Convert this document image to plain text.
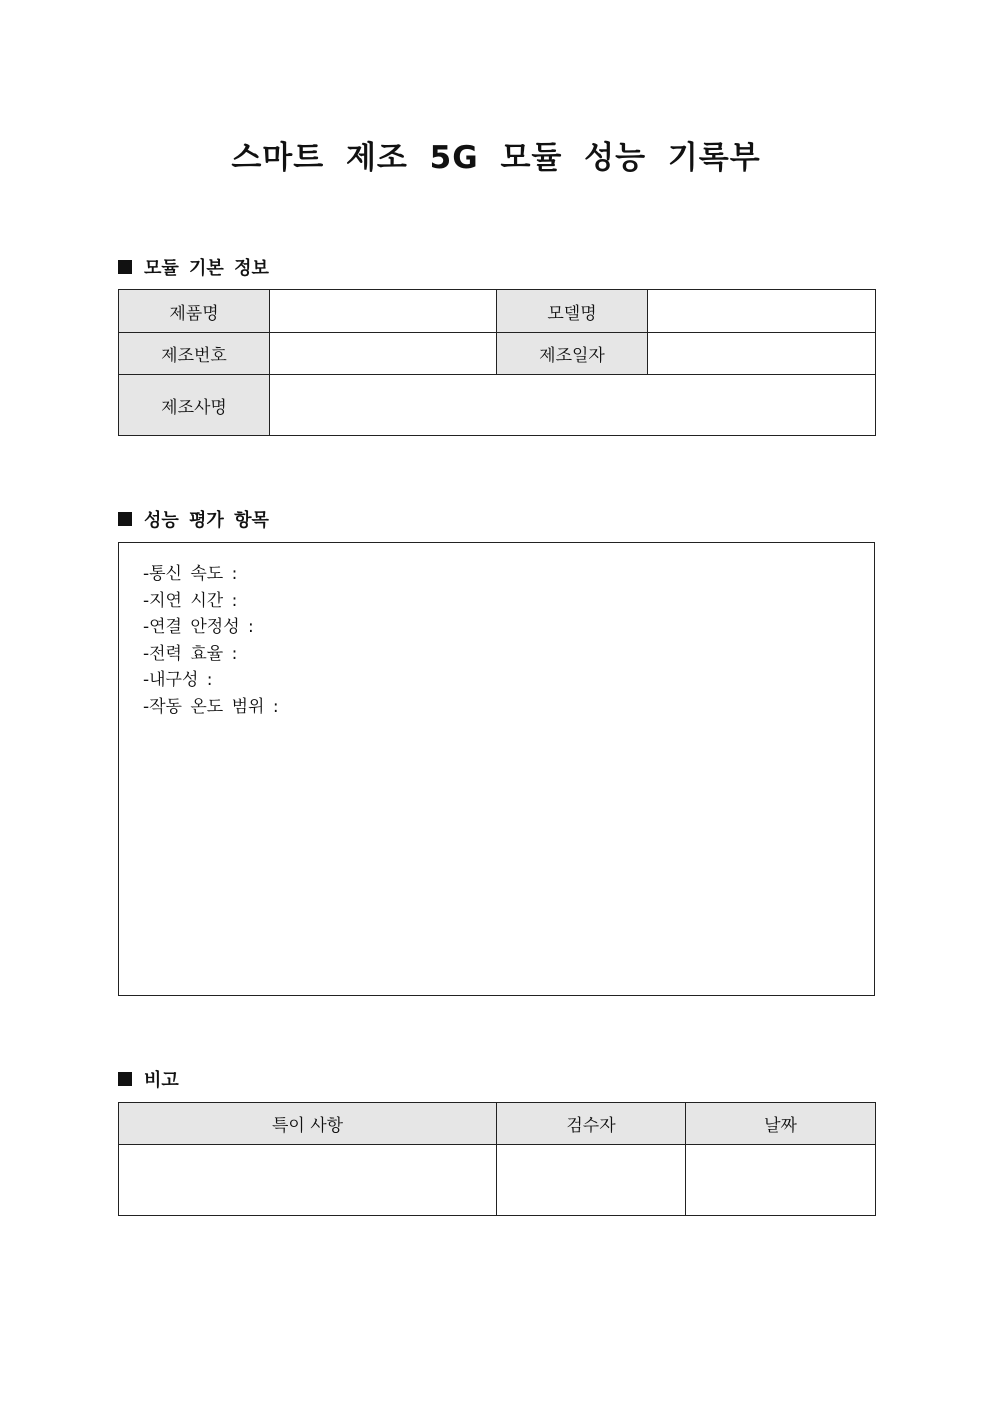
스마트 제조 5G 모듈 성능 기록부
모듈 기본 정보
제품명		모델명	
제조번호		제조일자	
제조사명			
성능 평가 항목
-통신 속도 :
-지연 시간 :
-연결 안정성 :
-전력 효율 :
-내구성 :
-작동 온도 범위 :
비고
특이 사항	검수자	날짜
